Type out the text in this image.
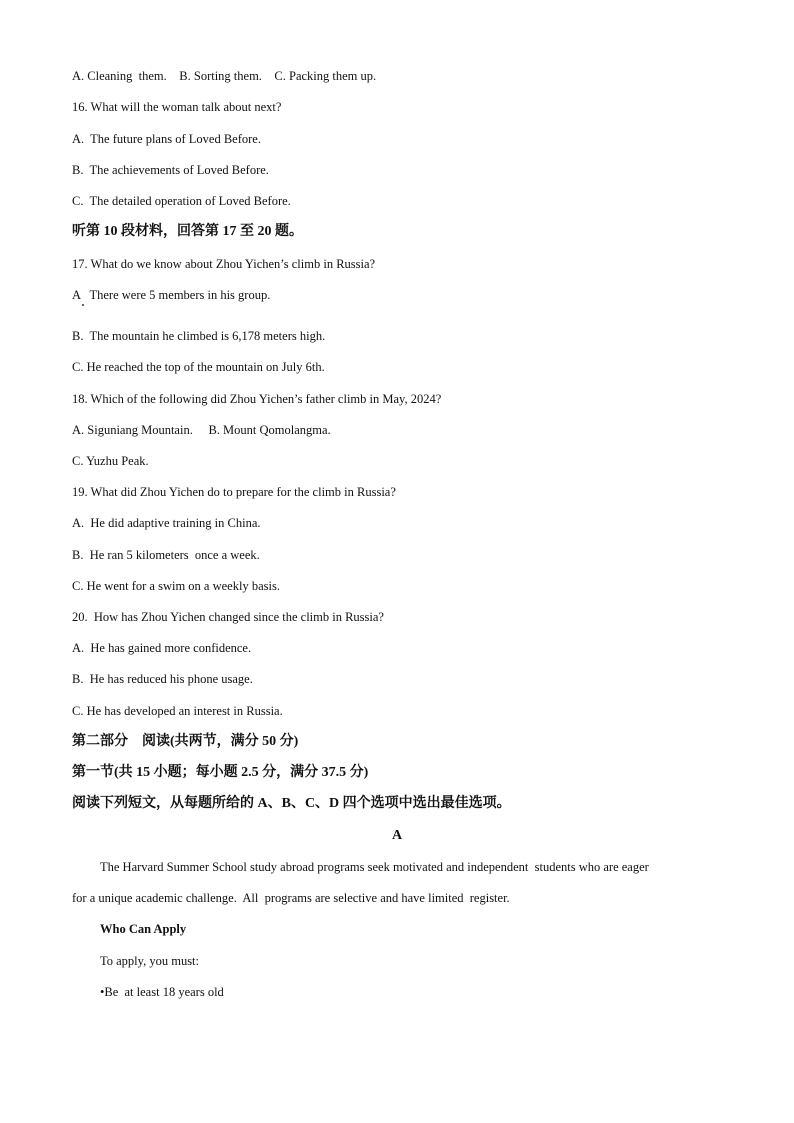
A. Cleaning  them.    B. Sorting them.    C. Packing them up.
16. What will the woman talk about next?
A.  The future plans of Loved Before.
B.  The achievements of Loved Before.
C.  The detailed operation of Loved Before.
听第 10 段材料，回答第 17 至 20 题。
17. What do we know about Zhou Yichen’s climb in Russia?
A   There were 5 members in his group.
B.  The mountain he climbed is 6,178 meters high.
C. He reached the top of the mountain on July 6th.
18. Which of the following did Zhou Yichen’s father climb in May, 2024?
A. Siguniang Mountain.     B. Mount Qomolangma.
C. Yuzhu Peak.
19. What did Zhou Yichen do to prepare for the climb in Russia?
A.  He did adaptive training in China.
B.  He ran 5 kilometers  once a week.
C. He went for a swim on a weekly basis.
20.  How has Zhou Yichen changed since the climb in Russia?
A.  He has gained more confidence.
B.  He has reduced his phone usage.
C. He has developed an interest in Russia.
第二部分    阅读(共两节，满分 50 分)
第一节(共 15 小题；每小题 2.5 分，满分 37.5 分)
阅读下列短文，从每题所给的 A、B、C、D 四个选项中选出最佳选项。
A
The Harvard Summer School study abroad programs seek motivated and independent  students who are eager
for a unique academic challenge.  All  programs are selective and have limited  register.
Who Can Apply
To apply, you must:
•Be  at least 18 years old
